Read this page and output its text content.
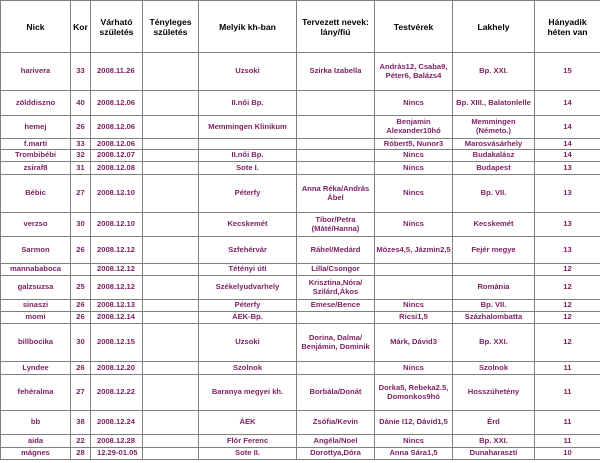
Nick	Kor	Várható születés	Tényleges születés	Melyik kh-ban	Tervezett nevek: lány/fiú	Testvérek	Lakhely	Hányadik héten van
harivera	33	2008.11.26		Uzsoki	Szirka Izabella	András12, Csaba9, Péter6, Balázs4	Bp. XXI.	15
zölddiszno	40	2008.12.06		II.női Bp.		Nincs	Bp. XIII., Balatonlelle	14
hemej	26	2008.12.06		Memmingen Klinikum		Benjamin Alexander10hó	Memmingen (Németo.)	14
f.marti	33	2008.12.06				Róbert5, Nunor3	Marosvásárhely	14
Trombibébi	32	2008.12.07		II.női Bp.		Nincs	Budakalász	14
zsiraf8	31	2008.12.08		Sote I.		Nincs	Budapest	13
Bébic	27	2008.12.10		Péterfy	Anna Réka/András Ábel	Nincs	Bp. VII.	13
verzso	30	2008.12.10		Kecskemét	Tibor/Petra (Máté/Hanna)	Nincs	Kecskemét	13
Sarmon	26	2008.12.12		Szfehérvár	Ráhel/Medárd	Mózes4,5, Jázmin2,5	Fejér megye	13
mannababoca		2008.12.12		Tétényi úti	Lilla/Csongor			12
galzsuzsa	25	2008.12.12		Székelyudvarhely	Krisztina,Nóra/ Szilárd,Ákos		Románia	12
sinaszi	26	2008.12.13		Péterfy	Emese/Bence	Nincs	Bp. VII.	12
momi	26	2008.12.14		ÁEK-Bp.		Ricsi1,5	Százhalombatta	12
billbocika	30	2008.12.15		Uzsoki	Dorina, Dalma/ Benjámin, Dominik	Márk, Dávid3	Bp. XXI.	12
Lyndee	26	2008.12.20		Szolnok		Nincs	Szolnok	11
fehéralma	27	2008.12.22		Baranya megyei kh.	Borbála/Donát	Dorka5, Rebeka2.5, Domonkos9hó	Hosszúhetény	11
bb	38	2008.12.24		ÁEK	Zsófia/Kevin	Dánie I12, Dávid1,5	Érd	11
aida	22	2008.12.28		Flór Ferenc	Angéla/Noel	Nincs	Bp. XXI.	11
mágnes	28	12.29-01.05		Sote II.	Dorottya,Dóra	Anna Sára1,5	Dunaharaszti	10
